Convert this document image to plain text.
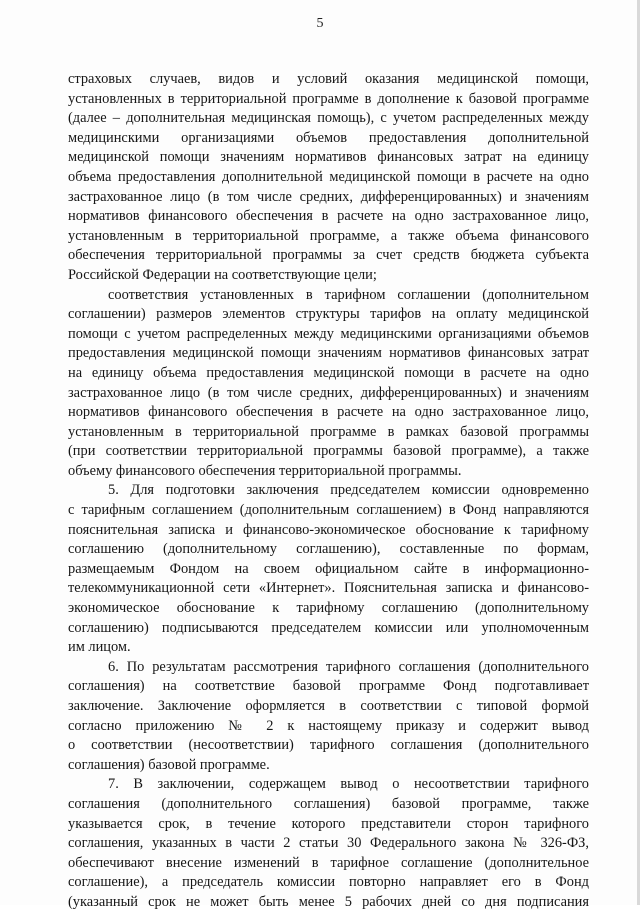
5
страховых случаев, видов и условий оказания медицинской помощи,
установленных в территориальной программе в дополнение к базовой программе
(далее – дополнительная медицинская помощь), с учетом распределенных между
медицинскими организациями объемов предоставления дополнительной
медицинской помощи значениям нормативов финансовых затрат на единицу
объема предоставления дополнительной медицинской помощи в расчете на одно
застрахованное лицо (в том числе средних, дифференцированных) и значениям
нормативов финансового обеспечения в расчете на одно застрахованное лицо,
установленным в территориальной программе, а также объема финансового
обеспечения территориальной программы за счет средств бюджета субъекта
Российской Федерации на соответствующие цели;
соответствия установленных в тарифном соглашении (дополнительном
соглашении) размеров элементов структуры тарифов на оплату медицинской
помощи с учетом распределенных между медицинскими организациями объемов
предоставления медицинской помощи значениям нормативов финансовых затрат
на единицу объема предоставления медицинской помощи в расчете на одно
застрахованное лицо (в том числе средних, дифференцированных) и значениям
нормативов финансового обеспечения в расчете на одно застрахованное лицо,
установленным в территориальной программе в рамках базовой программы
(при соответствии территориальной программы базовой программе), а также
объему финансового обеспечения территориальной программы.
5. Для подготовки заключения председателем комиссии одновременно
с тарифным соглашением (дополнительным соглашением) в Фонд направляются
пояснительная записка и финансово-экономическое обоснование к тарифному
соглашению (дополнительному соглашению), составленные по формам,
размещаемым Фондом на своем официальном сайте в информационно-
телекоммуникационной сети «Интернет». Пояснительная записка и финансово-
экономическое обоснование к тарифному соглашению (дополнительному
соглашению) подписываются председателем комиссии или уполномоченным
им лицом.
6. По результатам рассмотрения тарифного соглашения (дополнительного
соглашения) на соответствие базовой программе Фонд подготавливает
заключение. Заключение оформляется в соответствии с типовой формой
согласно приложению № 2 к настоящему приказу и содержит вывод
о соответствии (несоответствии) тарифного соглашения (дополнительного
соглашения) базовой программе.
7. В заключении, содержащем вывод о несоответствии тарифного
соглашения (дополнительного соглашения) базовой программе, также
указывается срок, в течение которого представители сторон тарифного
соглашения, указанных в части 2 статьи 30 Федерального закона № 326-ФЗ,
обеспечивают внесение изменений в тарифное соглашение (дополнительное
соглашение), а председатель комиссии повторно направляет его в Фонд
(указанный срок не может быть менее 5 рабочих дней со дня подписания
